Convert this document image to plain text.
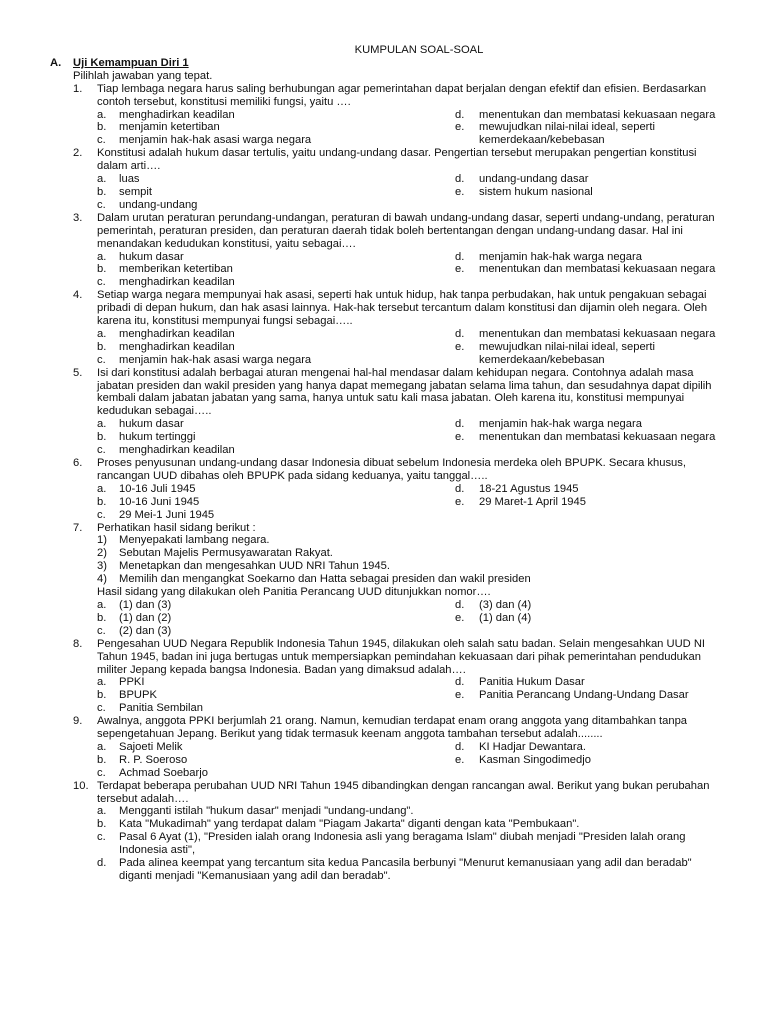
KUMPULAN SOAL-SOAL
A. Uji Kemampuan Diri 1
Pilihlah jawaban yang tepat.
1. Tiap lembaga negara harus saling berhubungan agar pemerintahan dapat berjalan dengan efektif dan efisien. Berdasarkan contoh tersebut, konstitusi memiliki fungsi, yaitu ….
a. menghadirkan keadilan	d. menentukan dan membatasi kekuasaan negara
b. menjamin ketertiban	e. mewujudkan nilai-nilai ideal, seperti kemerdekaan/kebebasan
c. menjamin hak-hak asasi warga negara
2. Konstitusi adalah hukum dasar tertulis, yaitu undang-undang dasar. Pengertian tersebut merupakan pengertian konstitusi dalam arti….
a. luas	d. undang-undang dasar
b. sempit	e. sistem hukum nasional
c. undang-undang
3. Dalam urutan peraturan perundang-undangan, peraturan di bawah undang-undang dasar, seperti undang-undang, peraturan pemerintah, peraturan presiden, dan peraturan daerah tidak boleh bertentangan dengan undang-undang dasar. Hal ini menandakan kedudukan konstitusi, yaitu sebagai….
a. hukum dasar	d. menjamin hak-hak warga negara
b. memberikan ketertiban	e. menentukan dan membatasi kekuasaan negara
c. menghadirkan keadilan
4. Setiap warga negara mempunyai hak asasi, seperti hak untuk hidup, hak tanpa perbudakan, hak untuk pengakuan sebagai pribadi di depan hukum, dan hak asasi lainnya. Hak-hak tersebut tercantum dalam konstitusi dan dijamin oleh negara. Oleh karena itu, konstitusi mempunyai fungsi sebagai…..
a. menghadirkan keadilan	d. menentukan dan membatasi kekuasaan negara
b. menghadirkan keadilan	e. mewujudkan nilai-nilai ideal, seperti kemerdekaan/kebebasan
c. menjamin hak-hak asasi warga negara
5. Isi dari konstitusi adalah berbagai aturan mengenai hal-hal mendasar dalam kehidupan negara. Contohnya adalah masa jabatan presiden dan wakil presiden yang hanya dapat memegang jabatan selama lima tahun, dan sesudahnya dapat dipilih kembali dalam jabatan jabatan yang sama, hanya untuk satu kali masa jabatan. Oleh karena itu, konstitusi mempunyai kedudukan sebagai…..
a. hukum dasar	d. menjamin hak-hak warga negara
b. hukum tertinggi	e. menentukan dan membatasi kekuasaan negara
c. menghadirkan keadilan
6. Proses penyusunan undang-undang dasar Indonesia dibuat sebelum Indonesia merdeka oleh BPUPK. Secara khusus, rancangan UUD dibahas oleh BPUPK pada sidang keduanya, yaitu tanggal…..
a. 10-16 Juli 1945	d. 18-21 Agustus 1945
b. 10-16 Juni 1945	e. 29 Maret-1 April 1945
c. 29 Mei-1 Juni 1945
7. Perhatikan hasil sidang berikut :
1) Menyepakati lambang negara.
2) Sebutan Majelis Permusyawaratan Rakyat.
3) Menetapkan dan mengesahkan UUD NRI Tahun 1945.
4) Memilih dan mengangkat Soekarno dan Hatta sebagai presiden dan wakil presiden
Hasil sidang yang dilakukan oleh Panitia Perancang UUD ditunjukkan nomor….
a. (1) dan (3)	d. (3) dan (4)
b. (1) dan (2)	e. (1) dan (4)
c. (2) dan (3)
8. Pengesahan UUD Negara Republik Indonesia Tahun 1945, dilakukan oleh salah satu badan. Selain mengesahkan UUD NI Tahun 1945, badan ini juga bertugas untuk mempersiapkan pemindahan kekuasaan dari pihak pemerintahan pendudukan militer Jepang kepada bangsa Indonesia. Badan yang dimaksud adalah….
a. PPKI	d. Panitia Hukum Dasar
b. BPUPK	e. Panitia Perancang Undang-Undang Dasar
c. Panitia Sembilan
9. Awalnya, anggota PPKI berjumlah 21 orang. Namun, kemudian terdapat enam orang anggota yang ditambahkan tanpa sepengetahuan Jepang. Berikut yang tidak termasuk keenam anggota tambahan tersebut adalah........
a. Sajoeti Melik	d. KI Hadjar Dewantara.
b. R. P. Soeroso	e. Kasman Singodimedjo
c. Achmad Soebarjo
10. Terdapat beberapa perubahan UUD NRI Tahun 1945 dibandingkan dengan rancangan awal. Berikut yang bukan perubahan tersebut adalah….
a. Mengganti istilah "hukum dasar" menjadi "undang-undang".
b. Kata "Mukadimah" yang terdapat dalam "Piagam Jakarta" diganti dengan kata "Pembukaan".
c. Pasal 6 Ayat (1), "Presiden ialah orang Indonesia asli yang beragama Islam" diubah menjadi "Presiden lalah orang Indonesia asti",
d. Pada alinea keempat yang tercantum sita kedua Pancasila berbunyi "Menurut kemanusiaan yang adil dan beradab" diganti menjadi "Kemanusiaan yang adil dan beradab".
